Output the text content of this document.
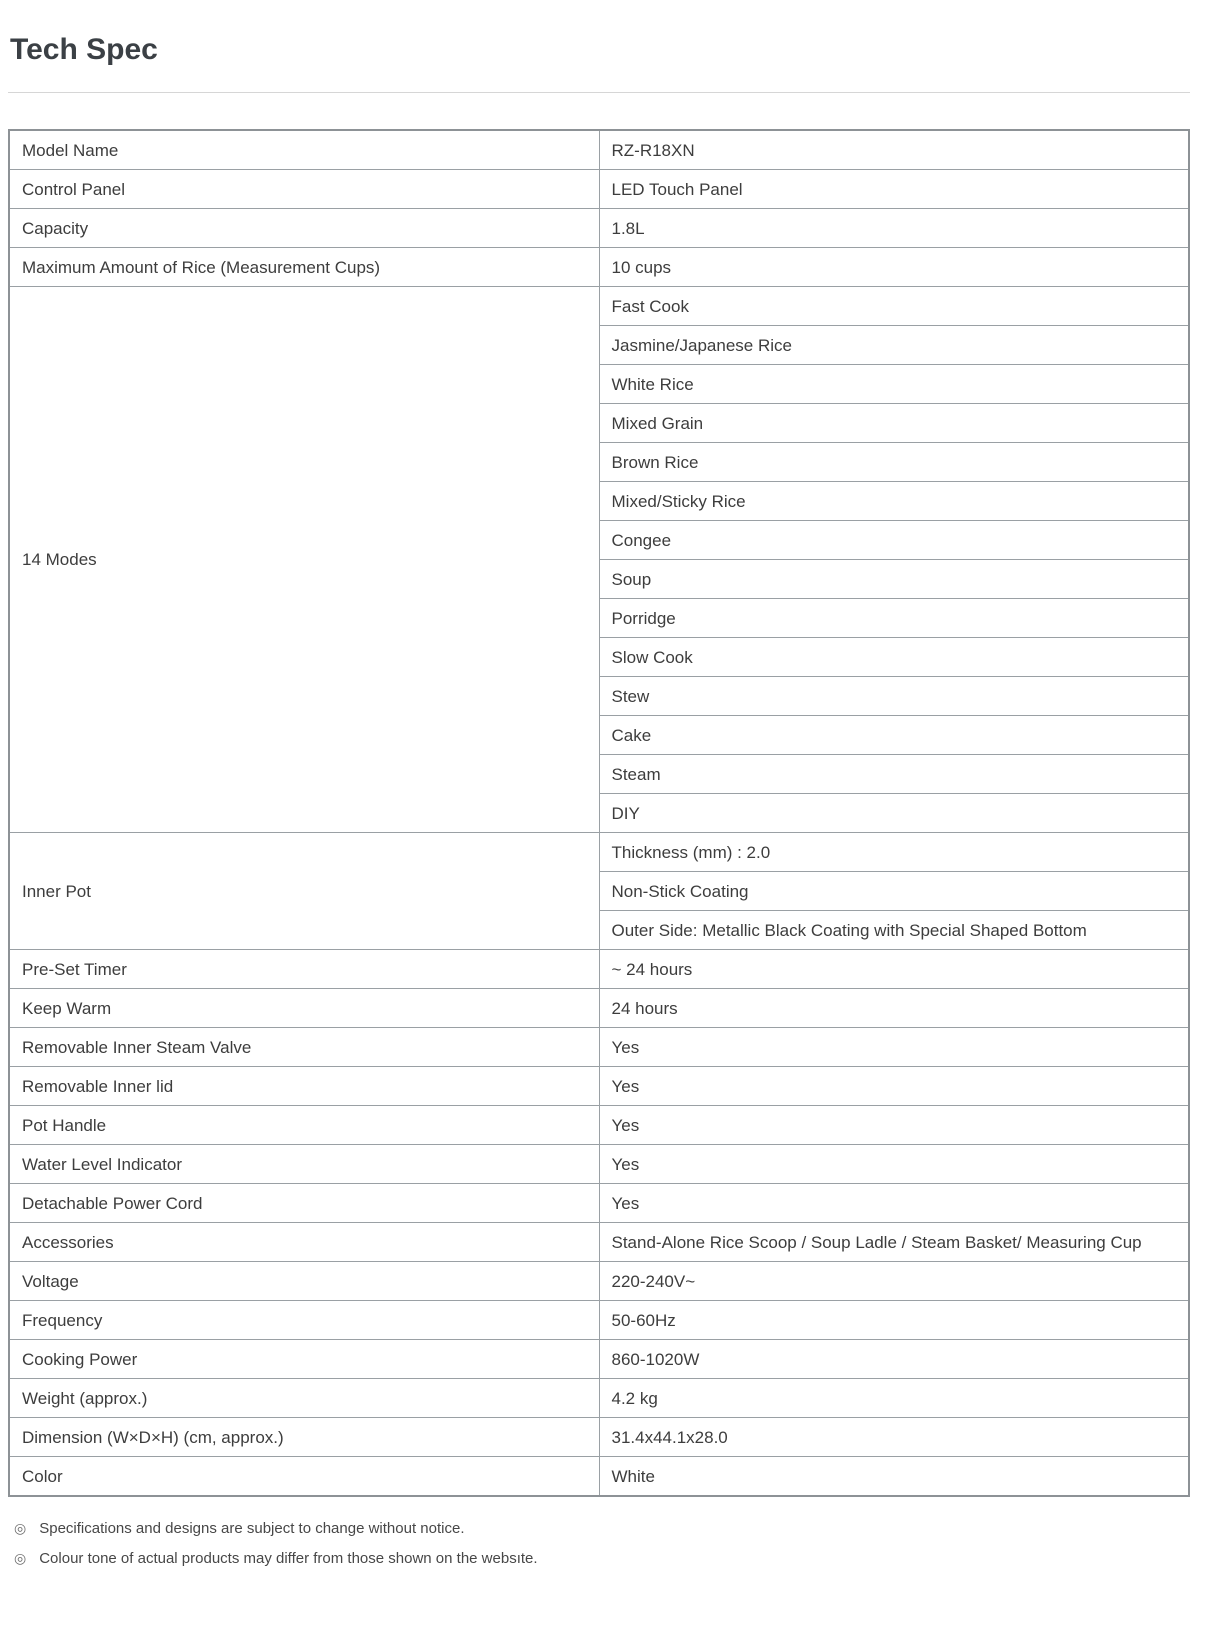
Tech Spec
Model Name	RZ-R18XN
Control Panel	LED Touch Panel
Capacity	1.8L
Maximum Amount of Rice (Measurement Cups)	10 cups
14 Modes	Fast Cook
	Jasmine/Japanese Rice
	White Rice
	Mixed Grain
	Brown Rice
	Mixed/Sticky Rice
	Congee
	Soup
	Porridge
	Slow Cook
	Stew
	Cake
	Steam
	DIY
Inner Pot	Thickness (mm) : 2.0
	Non-Stick Coating
	Outer Side: Metallic Black Coating with Special Shaped Bottom
Pre-Set Timer	~ 24 hours
Keep Warm	24 hours
Removable Inner Steam Valve	Yes
Removable Inner lid	Yes
Pot Handle	Yes
Water Level Indicator	Yes
Detachable Power Cord	Yes
Accessories	Stand-Alone Rice Scoop / Soup Ladle / Steam Basket/ Measuring Cup
Voltage	220-240V~
Frequency	50-60Hz
Cooking Power	860-1020W
Weight (approx.)	4.2 kg
Dimension (W×D×H) (cm, approx.)	31.4x44.1x28.0
Color	White
◎ Specifications and designs are subject to change without notice.
◎ Colour tone of actual products may differ from those shown on the websıte.
